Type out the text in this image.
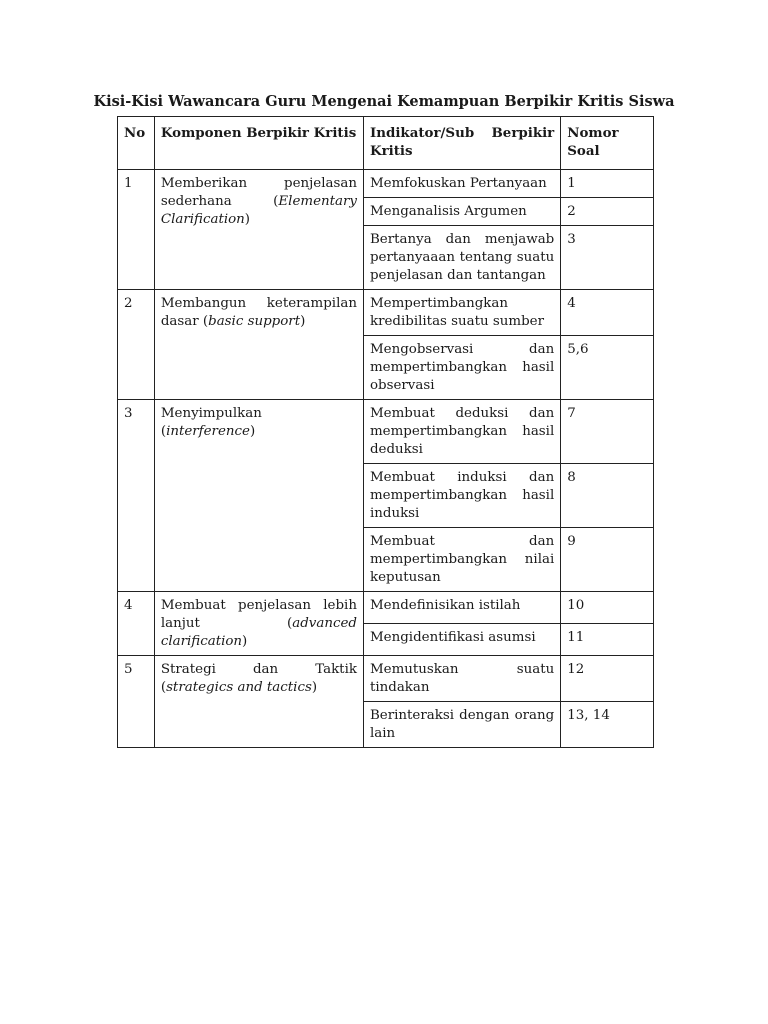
Kisi-Kisi Wawancara Guru Mengenai Kemampuan Berpikir Kritis Siswa
No	Komponen Berpikir Kritis	Indikator/Sub Berpikir Kritis	Nomor Soal
1	Memberikan penjelasan sederhana (Elementary Clarification)	Memfokuskan Pertanyaan	1
		Menganalisis Argumen	2
		Bertanya dan menjawab pertanyaaan tentang suatu penjelasan dan tantangan	3
2	Membangun keterampilan dasar (basic support)	Mempertimbangkan kredibilitas suatu sumber	4
		Mengobservasi dan mempertimbangkan hasil observasi	5,6
3	Menyimpulkan (interference)	Membuat deduksi dan mempertimbangkan hasil deduksi	7
		Membuat induksi dan mempertimbangkan hasil induksi	8
		Membuat dan mempertimbangkan nilai keputusan	9
4	Membuat penjelasan lebih lanjut (advanced clarification)	Mendefinisikan istilah	10
		Mengidentifikasi asumsi	11
5	Strategi dan Taktik (strategics and tactics)	Memutuskan suatu tindakan	12
		Berinteraksi dengan orang lain	13, 14
